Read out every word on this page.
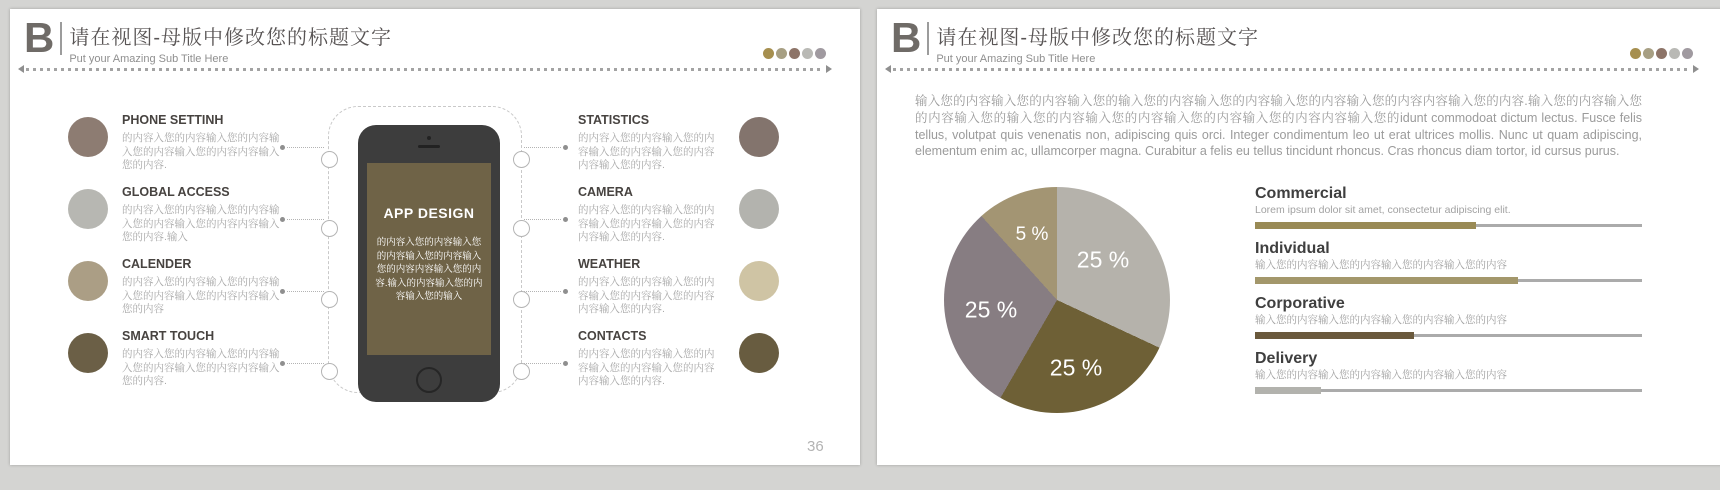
B 请在视图-母版中修改您的标题文字
Put your Amazing Sub Title Here
PHONE SETTINH
的内容入您的内容输入您的内容输入您的内容输入您的内容内容输入您的内容.
GLOBAL ACCESS
的内容入您的内容输入您的内容输入您的内容输入您的内容内容输入您的内容.输入
CALENDER
的内容入您的内容输入您的内容输入您的内容输入您的内容内容输入您的内容
SMART TOUCH
的内容入您的内容输入您的内容输入您的内容输入您的内容内容输入您的内容.
APP DESIGN
的内容入您的内容输入您的内容输入您的内容输入您的内容内容输入您的内容.输入的内容输入您的内容输入您的输入
STATISTICS
的内容入您的内容输入您的内容输入您的内容输入您的内容内容输入您的内容.
CAMERA
的内容入您的内容输入您的内容输入您的内容输入您的内容内容输入您的内容.
WEATHER
的内容入您的内容输入您的内容输入您的内容输入您的内容内容输入您的内容.
CONTACTS
的内容入您的内容输入您的内容输入您的内容输入您的内容内容输入您的内容.
36
B 请在视图-母版中修改您的标题文字
Put your Amazing Sub Title Here
输入您的内容输入您的内容输入您的输入您的内容输入您的内容输入您的内容输入您的内容内容输入您的内容.输入您的内容输入您的内容输入您的输入您的内容输入您的内容输入您的内容输入您的内容内容输入您的idunt commodoat dictum lectus. Fusce felis tellus, volutpat quis venenatis non, adipiscing quis orci. Integer condimentum leo ut erat ultrices mollis. Nunc ut quam adipiscing, elementum enim ac, ullamcorper magna. Curabitur a felis eu tellus tincidunt rhoncus. Cras rhoncus diam tortor, id cursus purus.
25 %
25 %
25 %
5 %
Commercial
Lorem ipsum dolor sit amet, consectetur adipiscing elit.
Individual
输入您的内容输入您的内容输入您的内容输入您的内容
Corporative
输入您的内容输入您的内容输入您的内容输入您的内容
Delivery
输入您的内容输入您的内容输入您的内容输入您的内容
